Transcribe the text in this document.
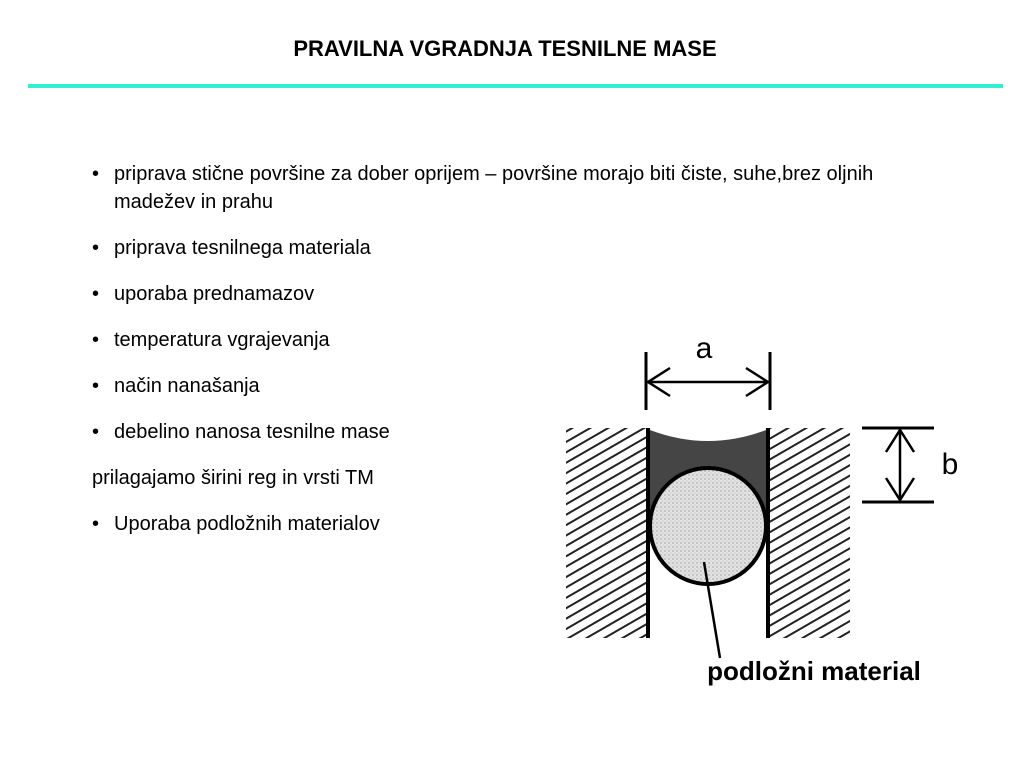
PRAVILNA VGRADNJA TESNILNE MASE
• priprava stične površine za dober oprijem – površine morajo biti čiste, suhe,brez oljnih madežev in prahu
• priprava tesnilnega materiala
• uporaba prednamazov
• temperatura vgrajevanja
• način nanašanja
• debelino nanosa tesnilne mase
prilagajamo širini reg in vrsti TM
• Uporaba podložnih materialov
a
b
podložni material
